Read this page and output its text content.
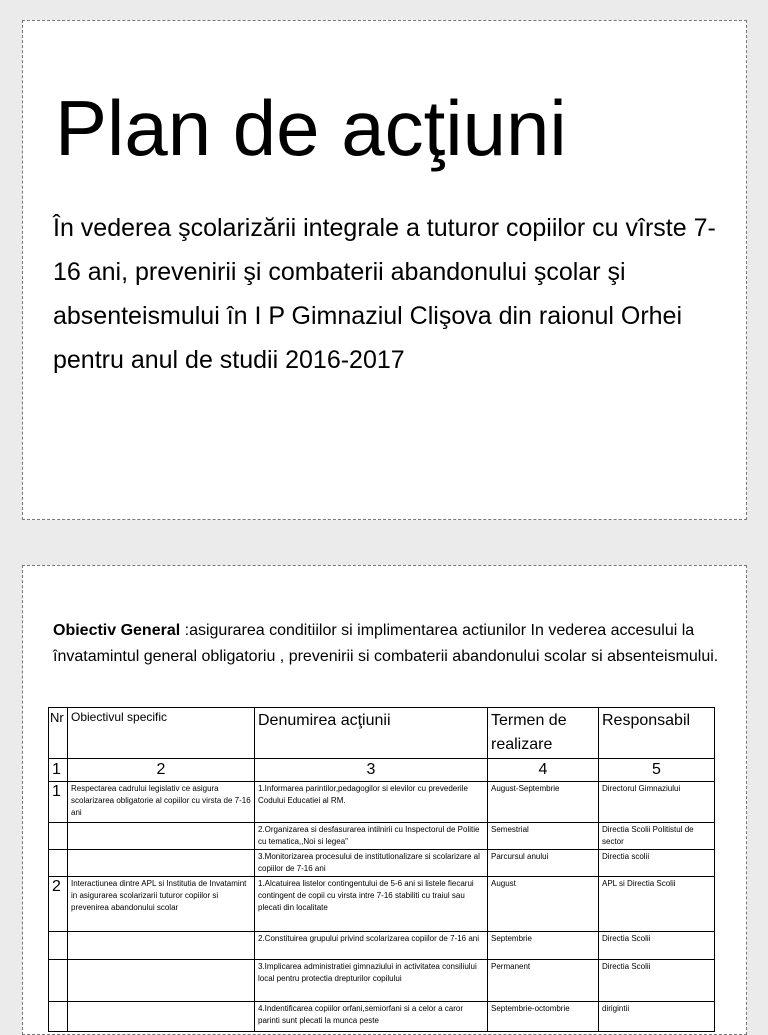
Plan de acţiuni
În vederea şcolarizării integrale a tuturor copiilor cu vîrste 7-16 ani, prevenirii şi combaterii abandonului şcolar şi absenteismului în I P Gimnaziul Clişova din raionul Orhei pentru anul de studii 2016-2017
Obiectiv General :asigurarea conditiilor si implimentarea actiunilor In vederea accesului la învatamintul general obligatoriu , prevenirii si combaterii abandonului scolar si absenteismului.
Nr	Obiectivul specific	Denumirea acţiunii	Termen de realizare	Responsabil
1	2	3	4	5
1	Respectarea cadrului legislativ ce asigura scolarizarea obligatorie al copiilor cu virsta de 7-16 ani	1.Informarea parintilor,pedagogilor si elevilor cu prevederile Codului Educatiei al RM.	August-Septembrie	Directorul Gimnaziului
		2.Organizarea si desfasurarea intilnirii cu Inspectorul de Politie cu tematica,,Noi si legea"	Semestrial	Directia Scolii Politistul de sector
		3.Monitorizarea procesului de institutionalizare si scolarizare al copiilor de 7-16 ani	Parcursul anului	Directia scolii
2	Interactiunea dintre APL si Institutia de Invatamint in asigurarea scolarizarii tuturor copiilor si prevenirea abandonului scolar	1.Alcatuirea listelor contingentului de 5-6 ani si listele fiecarui contingent de copii cu virsta intre 7-16 stabiliti cu traiul sau plecati din localitate	August	APL si Directia Scolii
		2.Constituirea grupului privind scolarizarea copiilor de 7-16 ani	Septembrie	Directia Scolii
		3.Implicarea administratiei gimnaziului in activitatea consiliului local pentru protectia drepturilor copilului	Permanent	Directia Scolii
		4.Indentificarea copiilor orfani,semiorfani si a celor a caror parinti sunt plecati la munca peste	Septembrie-octombrie	dirigintii
